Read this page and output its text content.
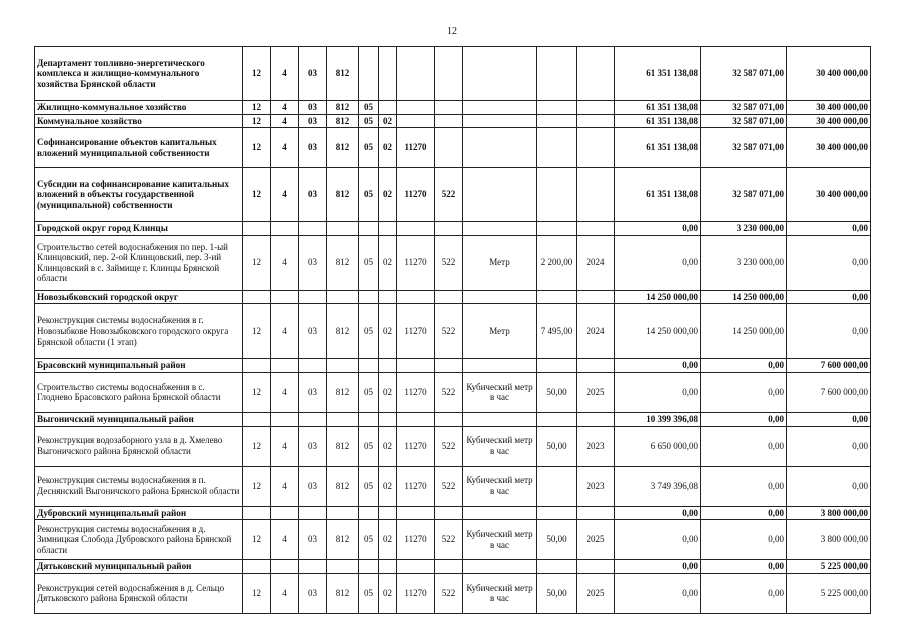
12
Департамент топливно-энергетического комплекса и жилищно-коммунального хозяйства Брянской области	12	4	03	812								61 351 138,08	32 587 071,00	30 400 000,00
Жилищно-коммунальное хозяйство	12	4	03	812	05							61 351 138,08	32 587 071,00	30 400 000,00
Коммунальное хозяйство	12	4	03	812	05	02						61 351 138,08	32 587 071,00	30 400 000,00
Софинансирование объектов капитальных вложений муниципальной собственности	12	4	03	812	05	02	11270					61 351 138,08	32 587 071,00	30 400 000,00
Субсидии на софинансирование капитальных вложений в объекты государственной (муниципальной) собственности	12	4	03	812	05	02	11270	522				61 351 138,08	32 587 071,00	30 400 000,00
Городской округ город Клинцы												0,00	3 230 000,00	0,00
Строительство сетей водоснабжения по пер. 1-ый Клинцовский, пер. 2-ой Клинцовский, пер. 3-ий Клинцовский в с. Займище г. Клинцы Брянской области	12	4	03	812	05	02	11270	522	Метр	2 200,00	2024	0,00	3 230 000,00	0,00
Новозыбковский городской округ												14 250 000,00	14 250 000,00	0,00
Реконструкция системы водоснабжения в г. Новозыбкове Новозыбковского городского округа Брянской области (1 этап)	12	4	03	812	05	02	11270	522	Метр	7 495,00	2024	14 250 000,00	14 250 000,00	0,00
Брасовский муниципальный район												0,00	0,00	7 600 000,00
Строительство системы водоснабжения в с. Глоднево Брасовского района Брянской области	12	4	03	812	05	02	11270	522	Кубический метр в час	50,00	2025	0,00	0,00	7 600 000,00
Выгоничский муниципальный район												10 399 396,08	0,00	0,00
Реконструкция водозаборного узла в д. Хмелево Выгоничского района Брянской области	12	4	03	812	05	02	11270	522	Кубический метр в час	50,00	2023	6 650 000,00	0,00	0,00
Реконструкция системы водоснабжения в п. Деснянский Выгоничского района Брянской области	12	4	03	812	05	02	11270	522	Кубический метр в час		2023	3 749 396,08	0,00	0,00
Дубровский муниципальный район												0,00	0,00	3 800 000,00
Реконструкция системы водоснабжения в д. Зимницкая Слобода Дубровского района Брянской области	12	4	03	812	05	02	11270	522	Кубический метр в час	50,00	2025	0,00	0,00	3 800 000,00
Дятьковский муниципальный район												0,00	0,00	5 225 000,00
Реконструкция сетей водоснабжения в д. Сельцо Дятьковского района Брянской области	12	4	03	812	05	02	11270	522	Кубический метр в час	50,00	2025	0,00	0,00	5 225 000,00
